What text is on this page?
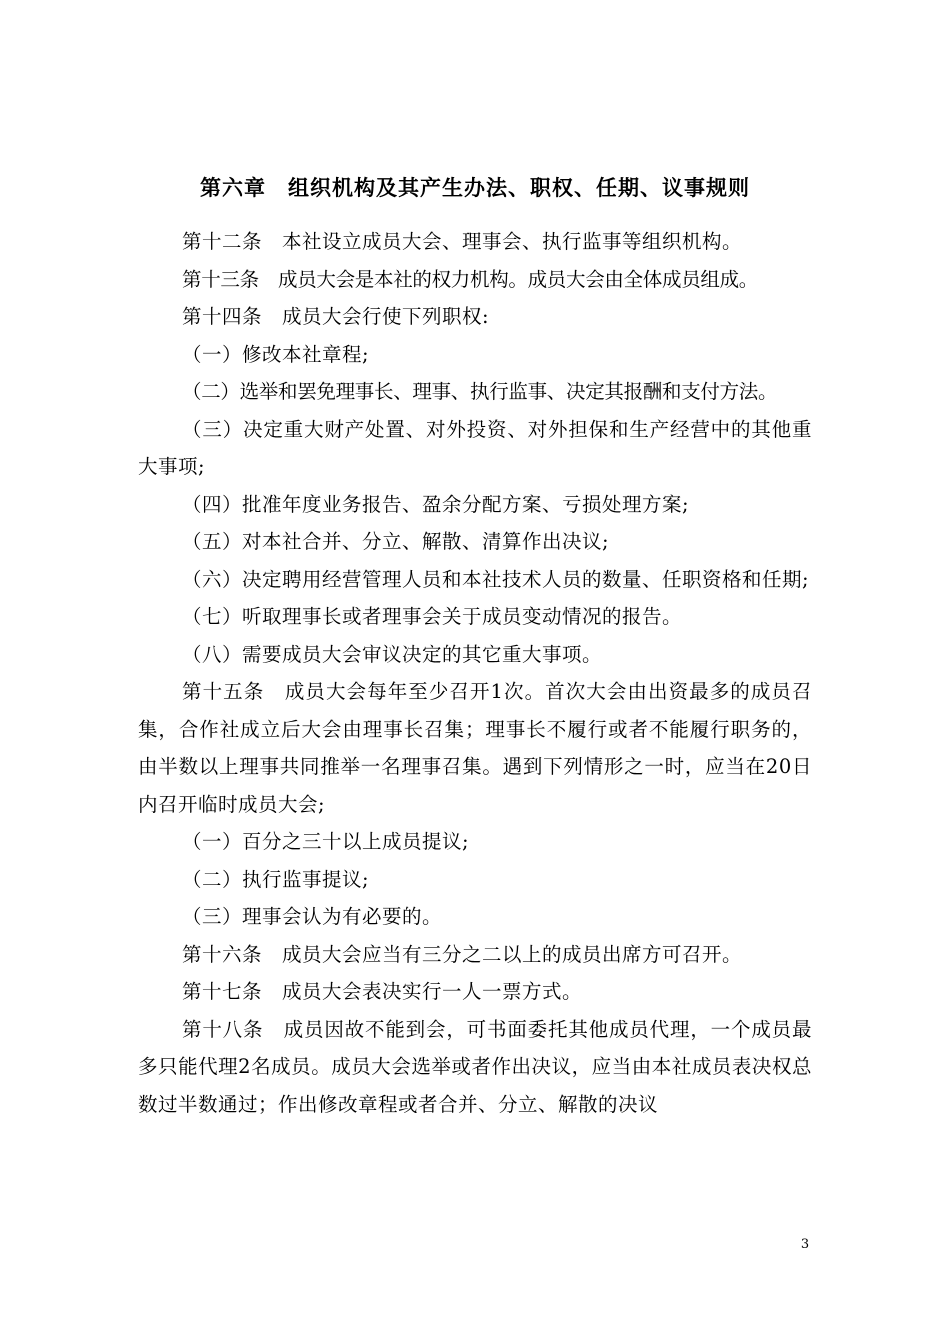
第六章　组织机构及其产生办法、职权、任期、议事规则

第十二条　本社设立成员大会、理事会、执行监事等组织机构。

第十三条　成员大会是本社的权力机构。成员大会由全体成员组成。

第十四条　成员大会行使下列职权:

（一）修改本社章程;

（二）选举和罢免理事长、理事、执行监事、决定其报酬和支付方法。

（三）决定重大财产处置、对外投资、对外担保和生产经营中的其他重大事项;

（四）批准年度业务报告、盈余分配方案、亏损处理方案;

（五）对本社合并、分立、解散、清算作出决议;

（六）决定聘用经营管理人员和本社技术人员的数量、任职资格和任期;

（七）听取理事长或者理事会关于成员变动情况的报告。

（八）需要成员大会审议决定的其它重大事项。

第十五条　成员大会每年至少召开1次。首次大会由出资最多的成员召集，合作社成立后大会由理事长召集；理事长不履行或者不能履行职务的，由半数以上理事共同推举一名理事召集。遇到下列情形之一时，应当在20日内召开临时成员大会;

（一）百分之三十以上成员提议;

（二）执行监事提议;

（三）理事会认为有必要的。

第十六条　成员大会应当有三分之二以上的成员出席方可召开。

第十七条　成员大会表决实行一人一票方式。

第十八条　成员因故不能到会，可书面委托其他成员代理，一个成员最多只能代理2名成员。成员大会选举或者作出决议，应当由本社成员表决权总数过半数通过；作出修改章程或者合并、分立、解散的决议

3
